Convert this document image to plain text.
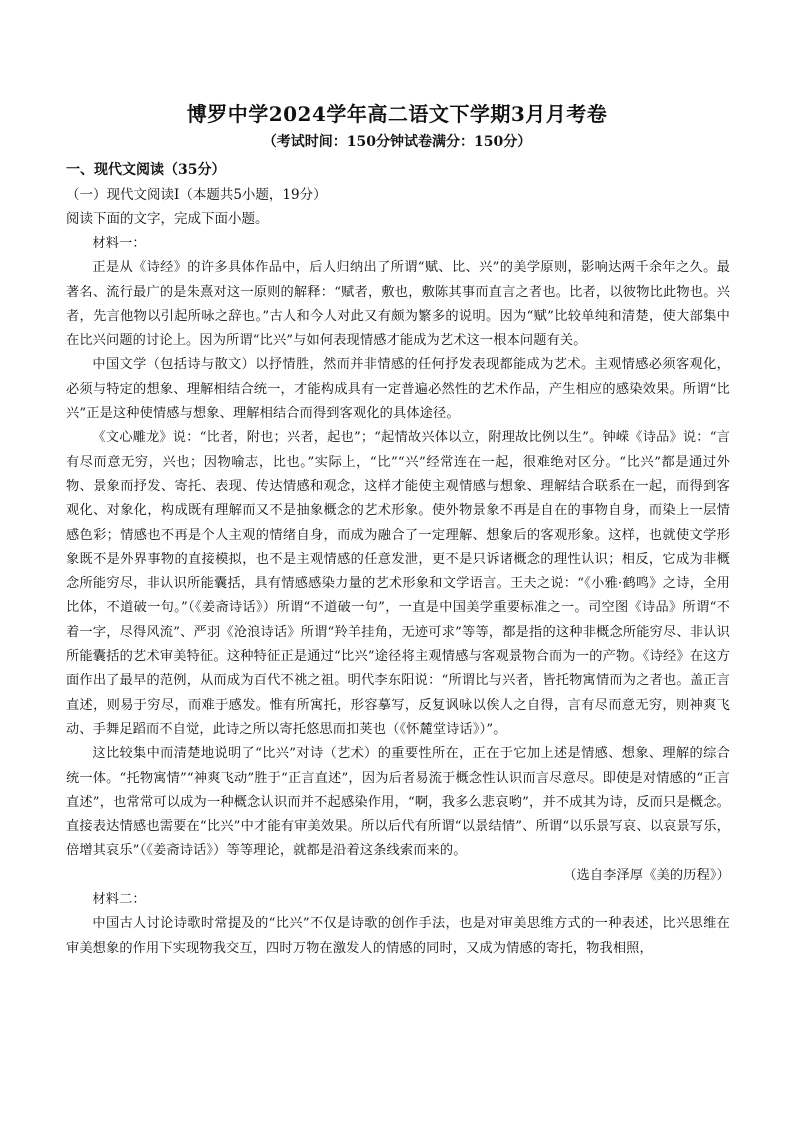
博罗中学2024学年高二语文下学期3月月考卷
（考试时间：150分钟试卷满分：150分）
一、现代文阅读（35分）
（一）现代文阅读Ⅰ（本题共5小题，19分）
阅读下面的文字，完成下面小题。

材料一：

正是从《诗经》的许多具体作品中，后人归纳出了所谓“赋、比、兴”的美学原则，影响达两千余年之久。最著名、流行最广的是朱熹对这一原则的解释：“赋者，敷也，敷陈其事而直言之者也。比者，以彼物比此物也。兴者，先言他物以引起所咏之辞也。”古人和今人对此又有颇为繁多的说明。因为“赋”比较单纯和清楚，使大部集中在比兴问题的讨论上。因为所谓“比兴”与如何表现情感才能成为艺术这一根本问题有关。

中国文学（包括诗与散文）以抒情胜，然而并非情感的任何抒发表现都能成为艺术。主观情感必须客观化，必须与特定的想象、理解相结合统一，才能构成具有一定普遍必然性的艺术作品，产生相应的感染效果。所谓“比兴”正是这种使情感与想象、理解相结合而得到客观化的具体途径。

《文心雕龙》说：“比者，附也；兴者，起也”；“起情故兴体以立，附理故比例以生”。钟嵘《诗品》说：“言有尽而意无穷，兴也；因物喻志，比也。”实际上，“比”“兴”经常连在一起，很难绝对区分。“比兴”都是通过外物、景象而抒发、寄托、表现、传达情感和观念，这样才能使主观情感与想象、理解结合联系在一起，而得到客观化、对象化，构成既有理解而又不是抽象概念的艺术形象。使外物景象不再是自在的事物自身，而染上一层情感色彩；情感也不再是个人主观的情绪自身，而成为融合了一定理解、想象后的客观形象。这样，也就使文学形象既不是外界事物的直接模拟，也不是主观情感的任意发泄，更不是只诉诸概念的理性认识；相反，它成为非概念所能穷尽，非认识所能囊括，具有情感感染力量的艺术形象和文学语言。王夫之说：“《小雅·鹤鸣》之诗，全用比体，不道破一句。”（《姜斋诗话》）所谓“不道破一句”，一直是中国美学重要标准之一。司空图《诗品》所谓“不着一字，尽得风流”、严羽《沧浪诗话》所谓“羚羊挂角，无迹可求”等等，都是指的这种非概念所能穷尽、非认识所能囊括的艺术审美特征。这种特征正是通过“比兴”途径将主观情感与客观景物合而为一的产物。《诗经》在这方面作出了最早的范例，从而成为百代不祧之祖。明代李东阳说：“所谓比与兴者，皆托物寓情而为之者也。盖正言直述，则易于穷尽，而难于感发。惟有所寓托，形容摹写，反复讽咏以俟人之自得，言有尽而意无穷，则神爽飞动、手舞足蹈而不自觉，此诗之所以寄托悠思而扣荚也（《怀麓堂诗话》）”。

这比较集中而清楚地说明了“比兴”对诗（艺术）的重要性所在，正在于它加上述是情感、想象、理解的综合统一体。“托物寓情”“神爽飞动”胜于“正言直述”，因为后者易流于概念性认识而言尽意尽。即使是对情感的“正言直述”，也常常可以成为一种概念认识而并不起感染作用，“啊，我多么悲哀哟”，并不成其为诗，反而只是概念。直接表达情感也需要在“比兴”中才能有审美效果。所以后代有所谓“以景结情”、所谓“以乐景写哀、以哀景写乐，倍增其哀乐”（《姜斋诗话》）等等理论，就都是沿着这条线索而来的。

（选自李泽厚《美的历程》）

材料二：

中国古人讨论诗歌时常提及的“比兴”不仅是诗歌的创作手法，也是对审美思维方式的一种表述，比兴思维在审美想象的作用下实现物我交互，四时万物在激发人的情感的同时，又成为情感的寄托，物我相照，
